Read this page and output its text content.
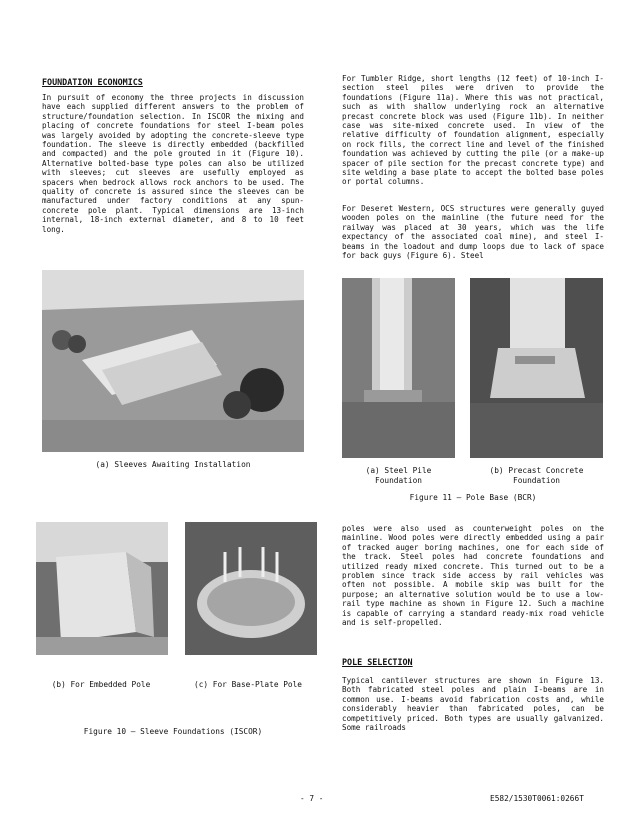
FOUNDATION ECONOMICS

In pursuit of economy the three projects in discussion have each supplied different answers to the problem of structure/foundation selection. In ISCOR the mixing and placing of concrete foundations for steel I-beam poles was largely avoided by adopting the concrete-sleeve type foundation. The sleeve is directly embedded (backfilled and compacted) and the pole grouted in it (Figure 10). Alternative bolted-base type poles can also be utilized with sleeves; cut sleeves are usefully employed as spacers when bedrock allows rock anchors to be used. The quality of concrete is assured since the sleeves can be manufactured under factory conditions at any spun-concrete pole plant. Typical dimensions are 13-inch internal, 18-inch external diameter, and 8 to 10 feet long.

(a) Sleeves Awaiting Installation
(b) For Embedded Pole	(c) For Base-Plate Pole
Figure 10 – Sleeve Foundations (ISCOR)

For Tumbler Ridge, short lengths (12 feet) of 10-inch I-section steel piles were driven to provide the foundations (Figure 11a). Where this was not practical, such as with shallow underlying rock an alternative precast concrete block was used (Figure 11b). In neither case was site-mixed concrete used. In view of the relative difficulty of foundation alignment, especially on rock fills, the correct line and level of the finished foundation was achieved by cutting the pile (or a make-up spacer of pile section for the precast concrete type) and site welding a base plate to accept the bolted base poles or portal columns.

For Deseret Western, OCS structures were generally guyed wooden poles on the mainline (the future need for the railway was placed at 30 years, which was the life expectancy of the associated coal mine), and steel I-beams in the loadout and dump loops due to lack of space for back guys (Figure 6). Steel

(a) Steel Pile Foundation
(b) Precast Concrete Foundation
Figure 11 – Pole Base (BCR)

poles were also used as counterweight poles on the mainline. Wood poles were directly embedded using a pair of tracked auger boring machines, one for each side of the track. Steel poles had concrete foundations and utilized ready mixed concrete. This turned out to be a problem since track side access by rail vehicles was often not possible. A mobile skip was built for the purpose; an alternative solution would be to use a low-rail type machine as shown in Figure 12. Such a machine is capable of carrying a standard ready-mix road vehicle and is self-propelled.

POLE SELECTION

Typical cantilever structures are shown in Figure 13. Both fabricated steel poles and plain I-beams are in common use. I-beams avoid fabrication costs and, while considerably heavier than fabricated poles, can be competitively priced. Both types are usually galvanized. Some railroads

- 7 -	E582/1530T0061:0266T
